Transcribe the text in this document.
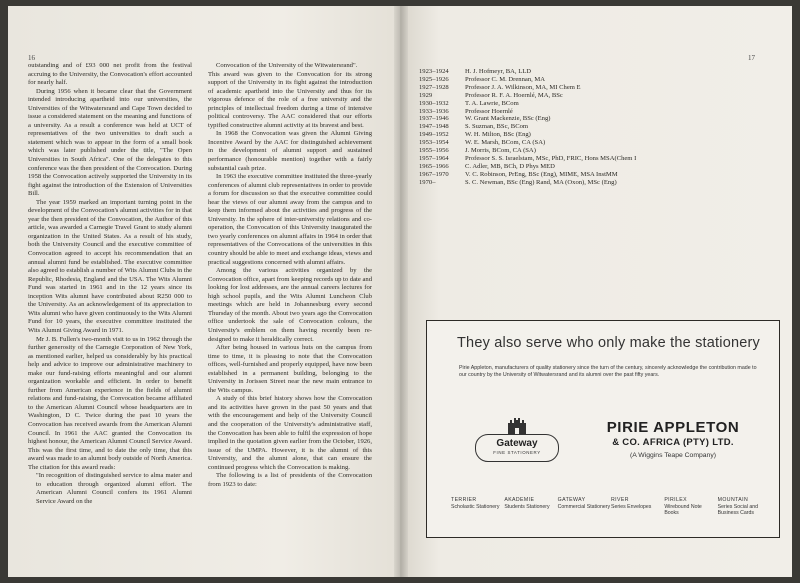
16

outstanding and of £93 000 net profit from the festival accruing to the University, the Convocation's effort accounted for nearly half.

During 1956 when it became clear that the Government intended introducing apartheid into our universities, the Universities of the Witwatersrand and Cape Town decided to issue a considered statement on the meaning and functions of a university. As a result a conference was held at UCT of representatives of the two universities to draft such a statement which was to appear in the form of a small book which was later published under the title, "The Open Universities in South Africa". One of the delegates to this conference was the then president of the Convocation. During 1958 the Convocation actively supported the University in its fight against the introduction of the Extension of Universities Bill.

The year 1959 marked an important turning point in the development of the Convocation's alumni activities for in that year the then president of the Convocation, the Author of this article, was awarded a Carnegie Travel Grant to study alumni organization in the United States. As a result of his study, both the University Council and the executive committee of Convocation agreed to accept his recommendation that an annual alumni fund be established. The executive committee also agreed to establish a number of Wits Alumni Clubs in the Republic, Rhodesia, England and the USA. The Wits Alumni Fund was started in 1961 and in the 12 years since its inception Wits alumni have contributed about R250 000 to the University. As an acknowledgement of its appreciation to Wits alumni who have given continuously to the Wits Alumni Fund for 10 years, the executive committee instituted the Wits Alumni Giving Award in 1971.

Mr J. B. Fullen's two-month visit to us in 1962 through the further generosity of the Carnegie Corporation of New York, as mentioned earlier, helped us considerably by his practical help and advice to improve our administrative machinery to make our fund-raising efforts meaningful and our alumni organization workable and efficient. In order to benefit further from American experience in the fields of alumni relations and fund-raising, the Convocation became affiliated to the American Alumni Council whose headquarters are in Washington, D C. Twice during the past 10 years the Convocation has received awards from the American Alumni Council. In 1961 the AAC granted the Convocation its highest honour, the American Alumni Council Service Award. This was the first time, and to date the only time, that this award was made to an alumni body outside of North America. The citation for this award reads:

"In recognition of distinguished service to alma mater and to education through organized alumni effort. The American Alumni Council confers its 1961 Alumni Service Award on the

Convocation of the University of the Witwatersrand".

This award was given to the Convocation for its strong support of the University in its fight against the introduction of academic apartheid into the University and thus for its vigorous defence of the role of a free university and the principles of intellectual freedom during a time of intensive political controversy. The AAC considered that our efforts typified constructive alumni activity at its bravest and best.

In 1968 the Convocation was given the Alumni Giving Incentive Award by the AAC for distinguished achievement in the development of alumni support and sustained performance (honourable mention) together with a fairly substantial cash prize.

In 1963 the executive committee instituted the three-yearly conferences of alumni club representatives in order to provide a forum for discussion so that the executive committee could hear the views of our alumni away from the campus and to keep them informed about the activities and progress of the University. In the sphere of inter-university relations and co-operation, the Convocation of this University inaugurated the two yearly conferences on alumni affairs in 1964 in order that representatives of the Convocations of the universities in this country should be able to meet and exchange ideas, views and practical suggestions concerned with alumni affairs.

Among the various activities organized by the Convocation office, apart from keeping records up to date and looking for lost addresses, are the annual careers lectures for high school pupils, and the Wits Alumni Luncheon Club meetings which are held in Johannesburg every second Thursday of the month. About two years ago the Convocation office undertook the sale of Convocation colours, the University's emblem on them having recently been re-designed to make it heraldically correct.

After being housed in various huts on the campus from time to time, it is pleasing to note that the Convocation offices, well-furnished and properly equipped, have now been established in a permanent building, belonging to the University in Jorissen Street near the new main entrance to the Wits campus.

A study of this brief history shows how the Convocation and its activities have grown in the past 50 years and that with the encouragement and help of the University Council and the cooperation of the University's administrative staff, the Convocation has been able to fulfil the expression of hope implied in the quotation given earlier from the October, 1926, issue of the UMPA. However, it is the alumni of this University, and the alumni alone, that can ensure the continued progress which the Convocation is making.

The following is a list of presidents of the Convocation from 1923 to date:

17
1923–1924	H. J. Hofmeyr, BA, LLD
1925–1926	Professor C. M. Drennan, MA
1927–1928	Professor J. A. Wilkinson, MA, MI Chem E
1929	Professor R. F. A. Hoernlé, MA, BSc
1930–1932	T. A. Lawrie, BCom
1933–1936	Professor Hoernlé
1937–1946	W. Grant Mackenzie, BSc (Eng)
1947–1948	S. Suzman, BSc, BCom
1949–1952	W. H. Milton, BSc (Eng)
1953–1954	W. E. Marsh, BCom, CA (SA)
1955–1956	J. Morris, BCom, CA (SA)
1957–1964	Professor S. S. Israelstam, MSc, PhD, FRIC, Hons MSA(Chem I
1965–1966	C. Adler, MB, BCh, D Phys MED
1967–1970	V. C. Robinson, PrEng, BSc (Eng), MIME, MSA InstMM
1970–	S. C. Newman, BSc (Eng) Rand, MA (Oxon), MSc (Eng)
They also serve who only make the stationery
Pirie Appleton, manufacturers of quality stationery since the turn of the century, sincerely acknowledge the contribution made to our country by the University of Witwatersrand and its alumni over the past fifty years.
Gateway
FINE STATIONERY
PIRIE APPLETON
& CO. AFRICA (PTY) LTD.
(A Wiggins Teape Company)
TERRIER
Scholastic Stationery
AKADEMIE
Students Stationery
GATEWAY
Commercial Stationery
RIVER
Series Envelopes
PIRILEX
Wirebound Note Books
MOUNTAIN
Series Social and Business Cards
